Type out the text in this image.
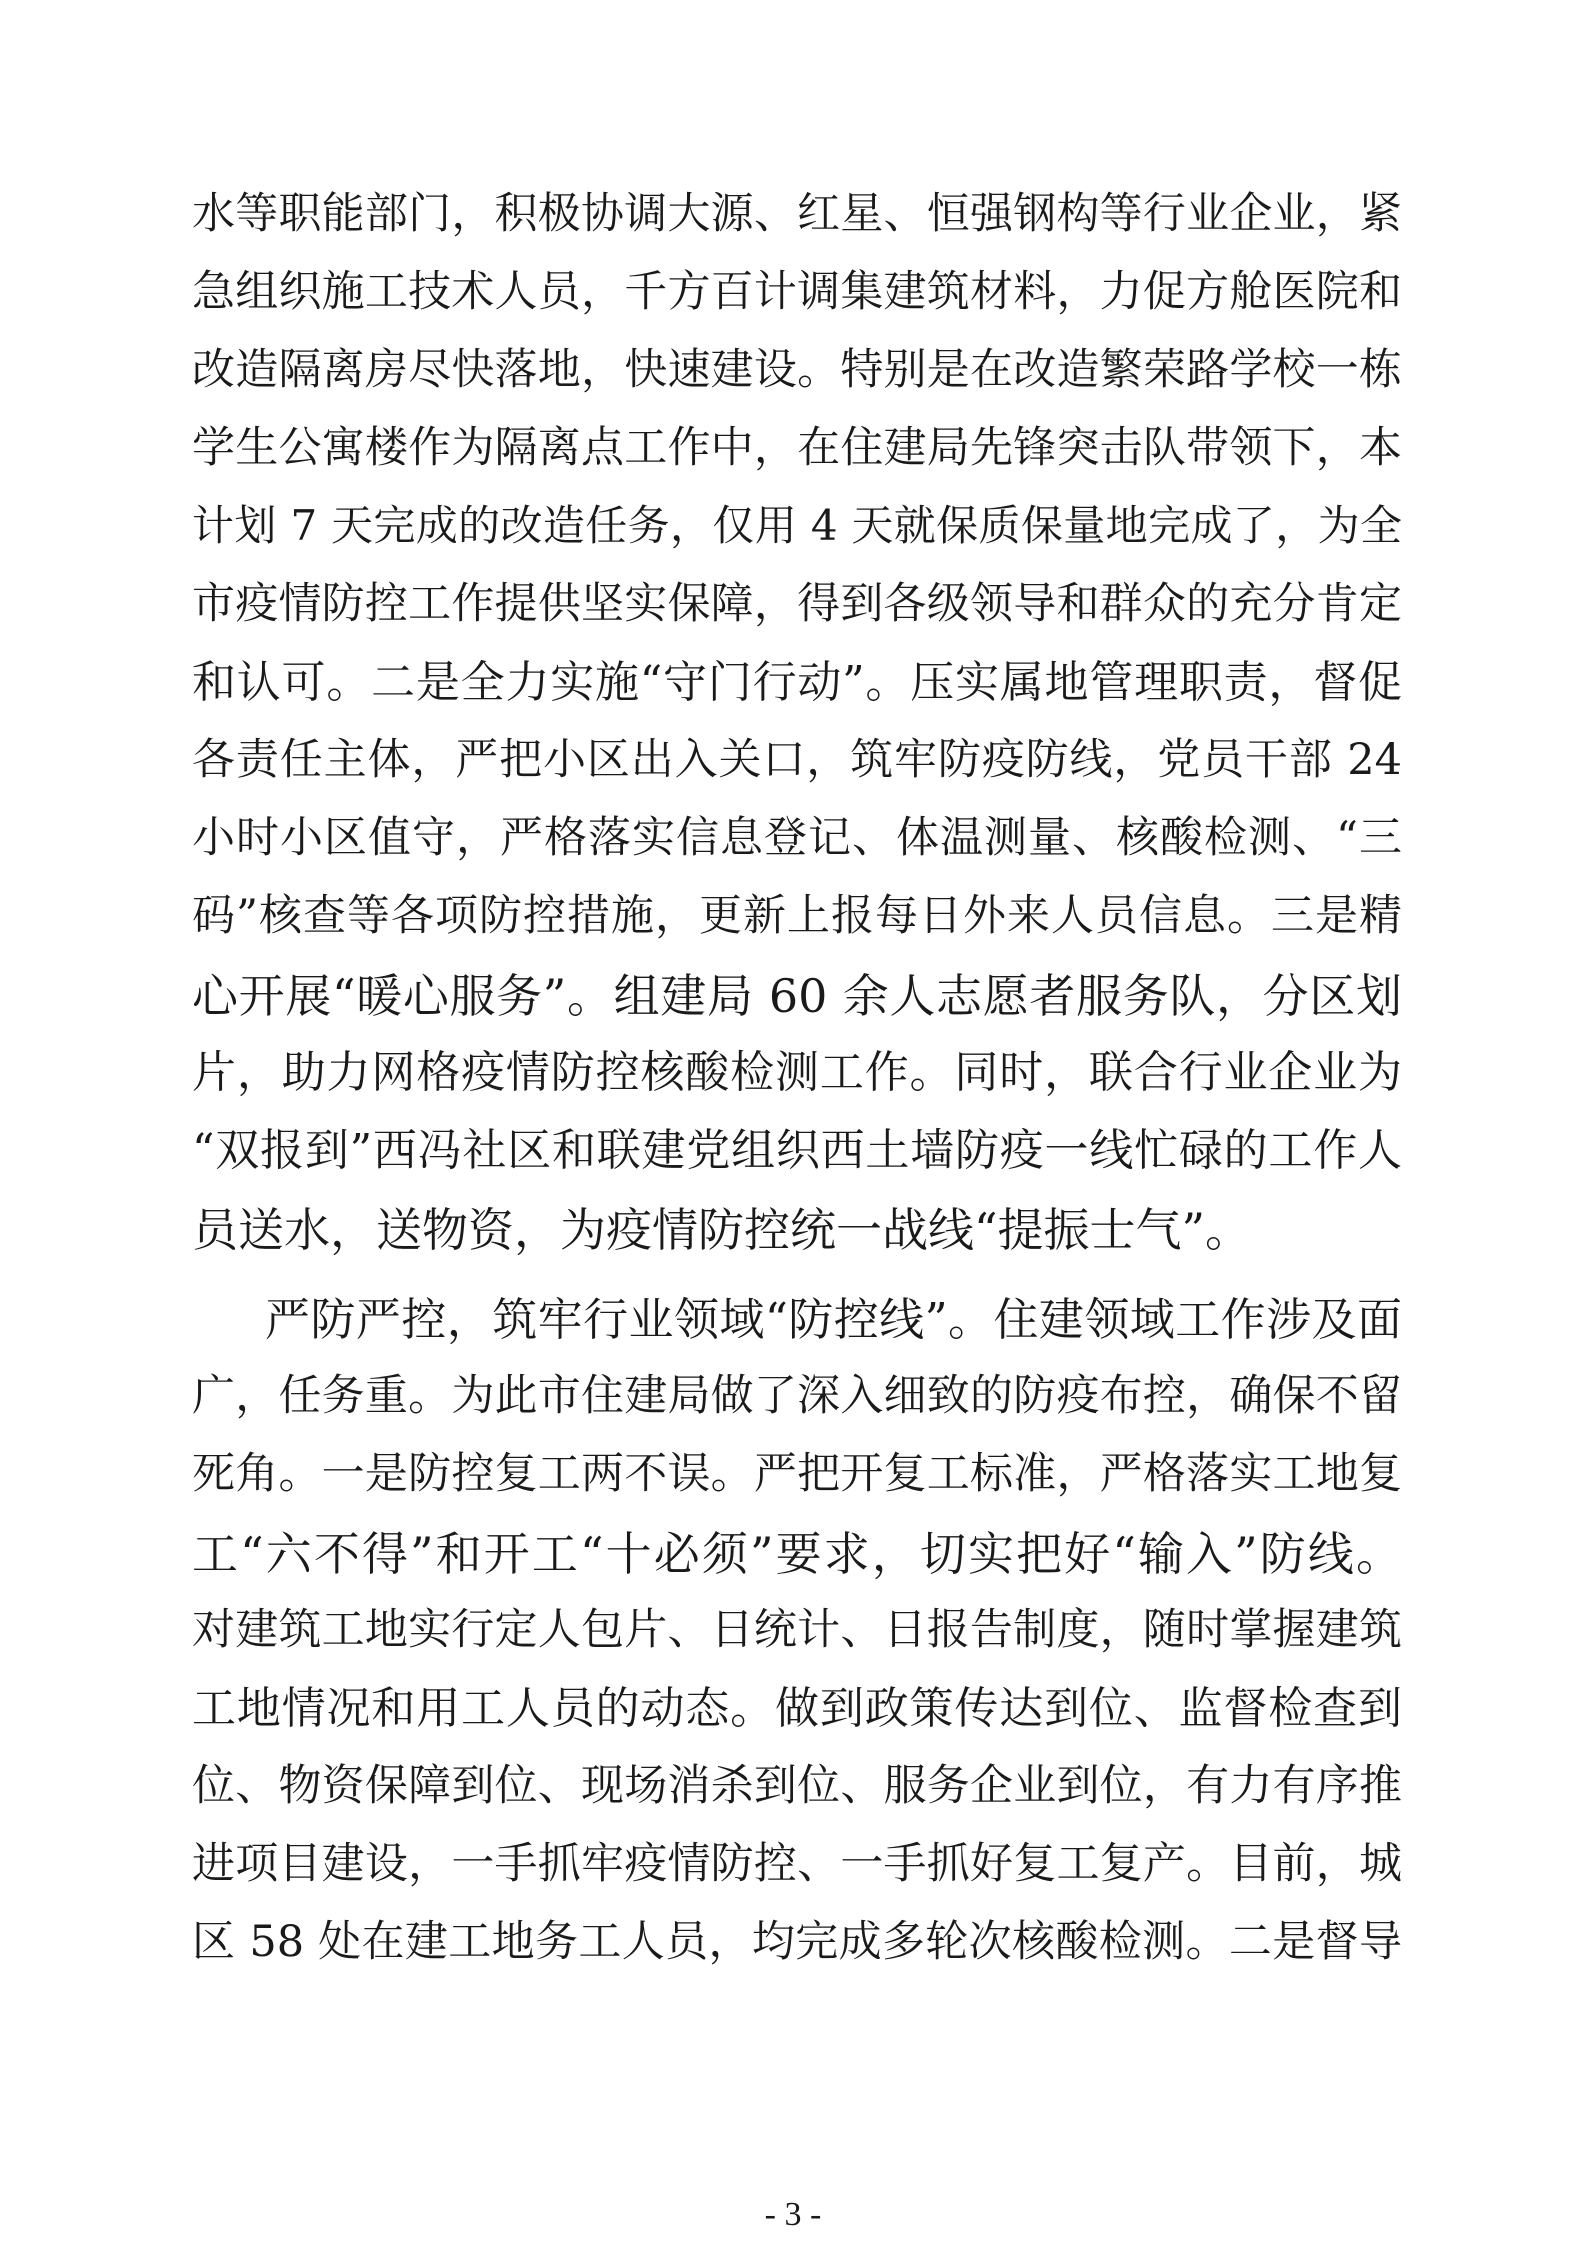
水等职能部门，积极协调大源、红星、恒强钢构等行业企业，紧
急组织施工技术人员，千方百计调集建筑材料，力促方舱医院和
改造隔离房尽快落地，快速建设。特别是在改造繁荣路学校一栋
学生公寓楼作为隔离点工作中，在住建局先锋突击队带领下，本
计划 7 天完成的改造任务，仅用 4 天就保质保量地完成了，为全
市疫情防控工作提供坚实保障，得到各级领导和群众的充分肯定
和认可。二是全力实施“守门行动”。压实属地管理职责，督促
各责任主体，严把小区出入关口，筑牢防疫防线，党员干部 24
小时小区值守，严格落实信息登记、体温测量、核酸检测、“三
码”核查等各项防控措施，更新上报每日外来人员信息。三是精
心开展“暖心服务”。组建局 60 余人志愿者服务队，分区划
片，助力网格疫情防控核酸检测工作。同时，联合行业企业为
“双报到”西冯社区和联建党组织西土墙防疫一线忙碌的工作人
员送水，送物资，为疫情防控统一战线“提振士气”。
严防严控，筑牢行业领域“防控线”。住建领域工作涉及面
广，任务重。为此市住建局做了深入细致的防疫布控，确保不留
死角。一是防控复工两不误。严把开复工标准，严格落实工地复
工“六不得”和开工“十必须”要求，切实把好“输入”防线。
对建筑工地实行定人包片、日统计、日报告制度，随时掌握建筑
工地情况和用工人员的动态。做到政策传达到位、监督检查到
位、物资保障到位、现场消杀到位、服务企业到位，有力有序推
进项目建设，一手抓牢疫情防控、一手抓好复工复产。目前，城
区 58 处在建工地务工人员，均完成多轮次核酸检测。二是督导
- 3 -
